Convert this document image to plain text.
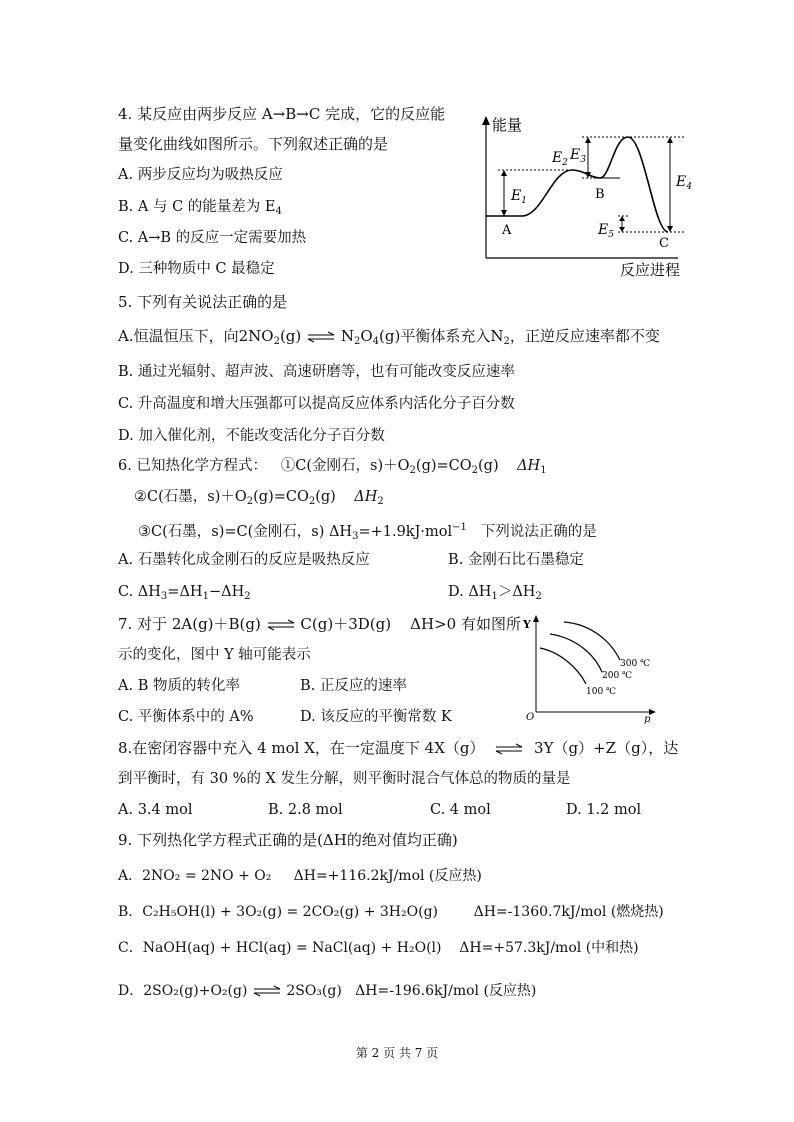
4. 某反应由两步反应 A→B→C 完成，它的反应能
量变化曲线如图所示。下列叙述正确的是
A. 两步反应均为吸热反应
B. A 与 C 的能量差为 $E_4$
C. A→B 的反应一定需要加热
D. 三种物质中 C 最稳定
能量
反应进程
$E_1$
$E_2$ $E_3$
$E_4$
$E_5$
A
B
C
5. 下列有关说法正确的是
A.恒温恒压下，向$2NO_2(g)$ ⇌ $N_2O_4(g)$平衡体系充入$N_2$，正逆反应速率都不变
B. 通过光辐射、超声波、高速研磨等，也有可能改变反应速率
C. 升高温度和增大压强都可以提高反应体系内活化分子百分数
D. 加入催化剂，不能改变活化分子百分数
6. 已知热化学方程式： ①C(金刚石，$s)+O_2(g)=CO_2(g)$ $\Delta H_1$
②C(石墨，$s)+O_2(g)=CO_2(g)$ $\Delta H_2$
③C(石墨，s)=C(金刚石，s) $\Delta H_3=+1.9kJ\cdot mol^{-1}$ 下列说法正确的是
A. 石墨转化成金刚石的反应是吸热反应	B. 金刚石比石墨稳定
C. $\Delta H_3=\Delta H_1-\Delta H_2$	D. $\Delta H_1>\Delta H_2$
7. 对于 2A(g)＋B(g) ⇌ C(g)＋3D(g) ΔH>0 有如图所
示的变化，图中 Y 轴可能表示
A. B 物质的转化率	B. 正反应的速率
C. 平衡体系中的 A%	D. 该反应的平衡常数 K
Y
O	p
300 ℃
200 ℃
100 ℃
8.在密闭容器中充入 4 mol X，在一定温度下 4X（g） ⇌ 3Y（g）+Z（g），达
到平衡时，有 30 %的 X 发生分解，则平衡时混合气体总的物质的量是
A. 3.4 mol	B. 2.8 mol	C. 4 mol	D. 1.2 mol
9. 下列热化学方程式正确的是(ΔH的绝对值均正确)
A．2NO₂ = 2NO + O₂ ΔH=+116.2kJ/mol (反应热)
B．C₂H₅OH(l) + 3O₂(g) = 2CO₂(g) + 3H₂O(g)	ΔH=-1360.7kJ/mol (燃烧热)
C．NaOH(aq) + HCl(aq) = NaCl(aq) + H₂O(l) ΔH=+57.3kJ/mol (中和热)
D．2SO₂(g)+O₂(g) ⇌ 2SO₃(g) ΔH=-196.6kJ/mol (反应热)
第 2 页 共 7 页
